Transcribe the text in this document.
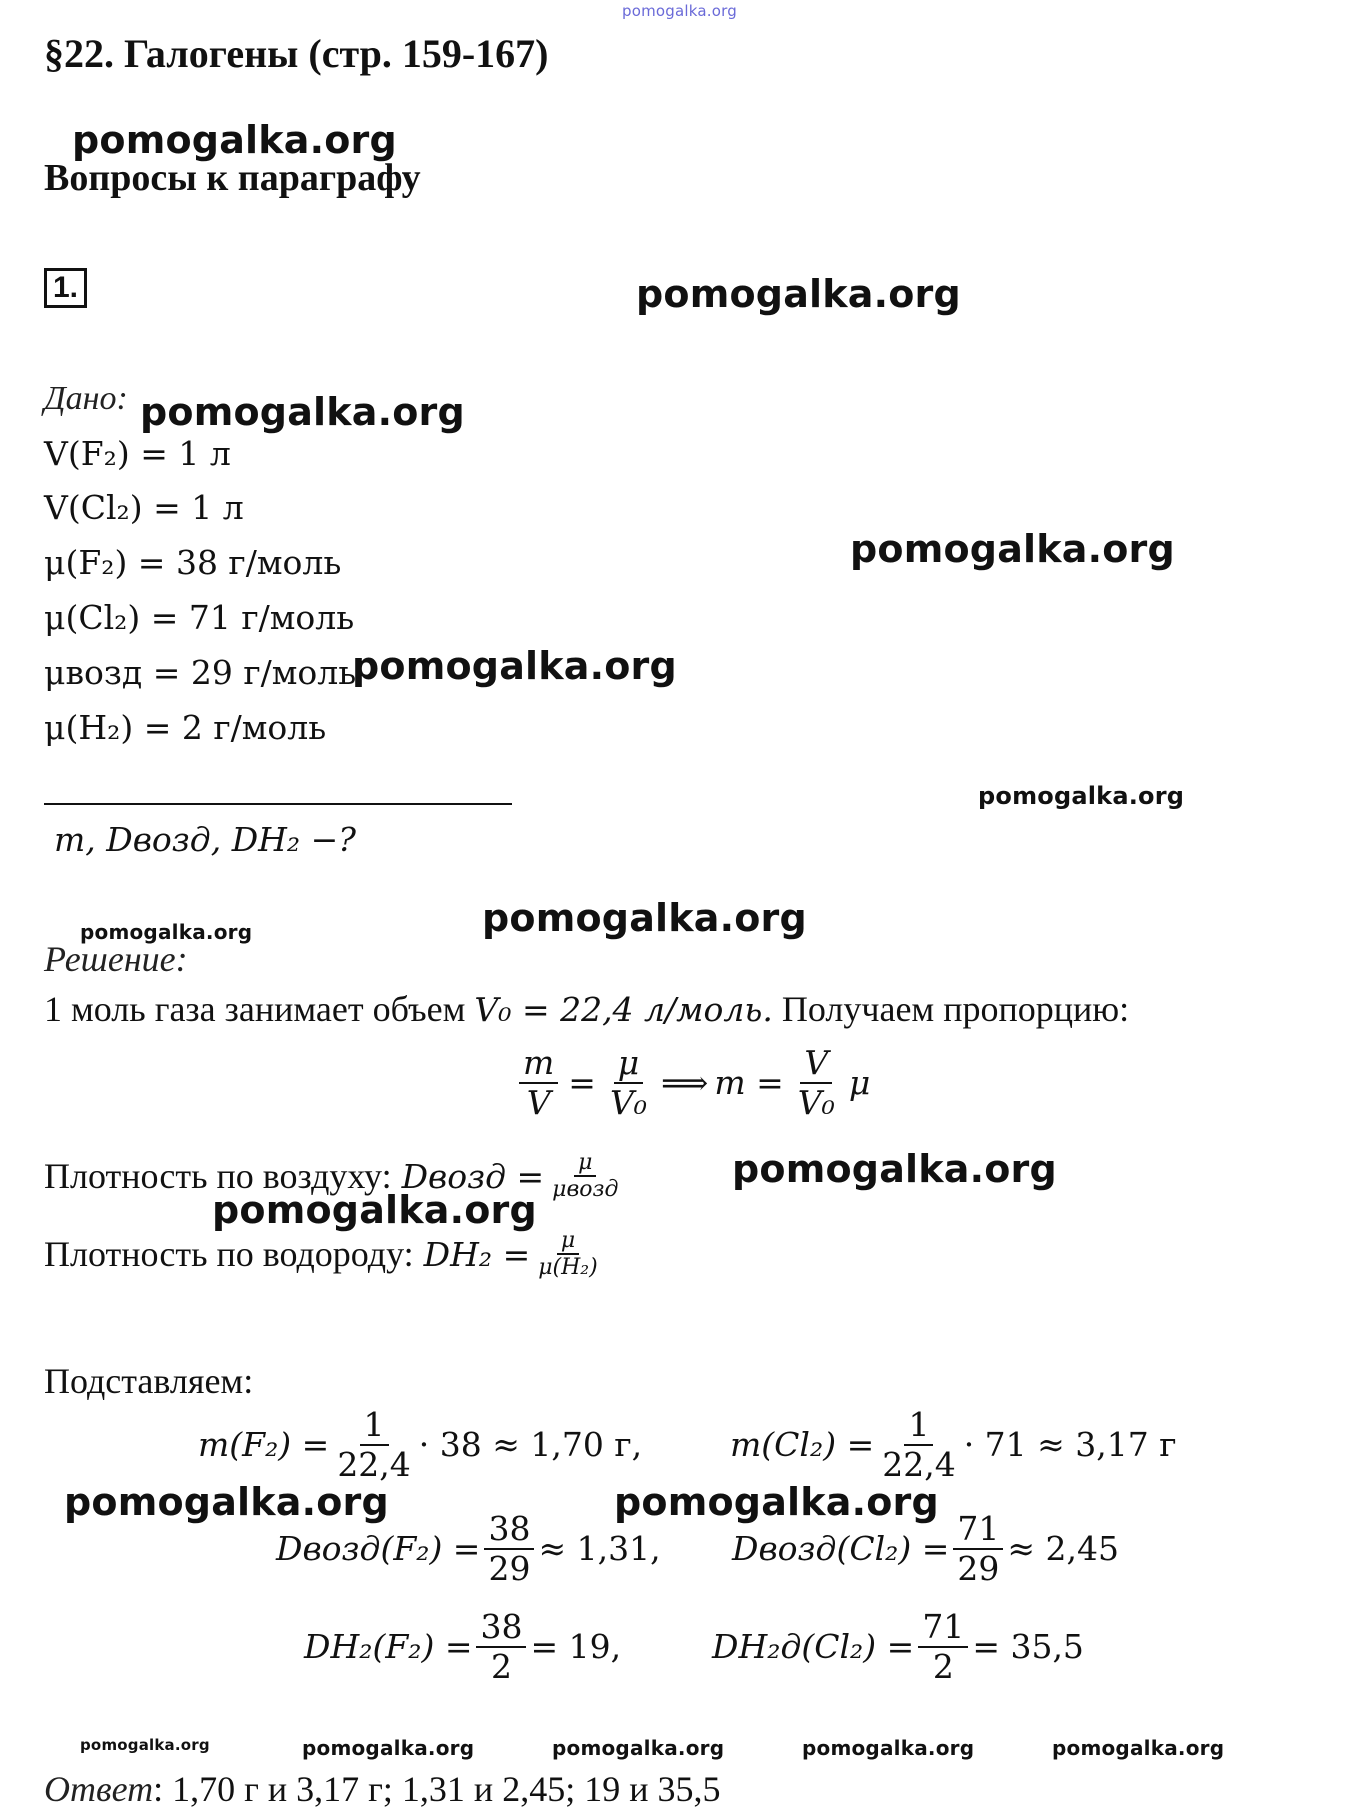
pomogalka.org
§22. Галогены (стр. 159-167)
pomogalka.org
Вопросы к параграфу
1.	pomogalka.org
Дано: pomogalka.org
V(F₂) = 1 л
V(Cl₂) = 1 л
μ(F₂) = 38 г/моль
μ(Cl₂) = 71 г/моль
μвозд = 29 г/моль
μ(H₂) = 2 г/моль
pomogalka.org
pomogalka.org
pomogalka.org
m, Dвозд, DH₂ −?
pomogalka.org
pomogalka.org
Решение:
1 моль газа занимает объем V₀ = 22,4 л/моль. Получаем пропорцию:
$\frac{m}{V} = \frac{\mu}{\text{V₀}}$ ⟹ $m = \frac{V}{\text{V₀}}$ μ
Плотность по воздуху: Dвозд = $\frac{\mu}{\text{μвозд}}$	pomogalka.org
pomogalka.org
Плотность по водороду: $DH_2 = \frac{\mu}{\text{μ(H₂)}}$
Подставляем:
$m(F_2) = \frac{1}{22,4} \cdot 38 \approx 1,70$ г,	$m(Cl_2) = \frac{1}{22,4} \cdot 71 \approx 3,17$ г
pomogalka.org	pomogalka.org
Dвозд(F₂) = $\frac{38}{29} \approx 1,31$, Dвозд(Cl₂) = $\frac{71}{29} \approx 2,45$
$DH_2(F_2) = \frac{38}{2} = 19$,	$DH_2д(Cl_2) = \frac{71}{2} = 35,5$
pomogalka.org	pomogalka.org	pomogalka.org	pomogalka.org	pomogalka.org
Ответ: 1,70 г и 3,17 г; 1,31 и 2,45; 19 и 35,5
